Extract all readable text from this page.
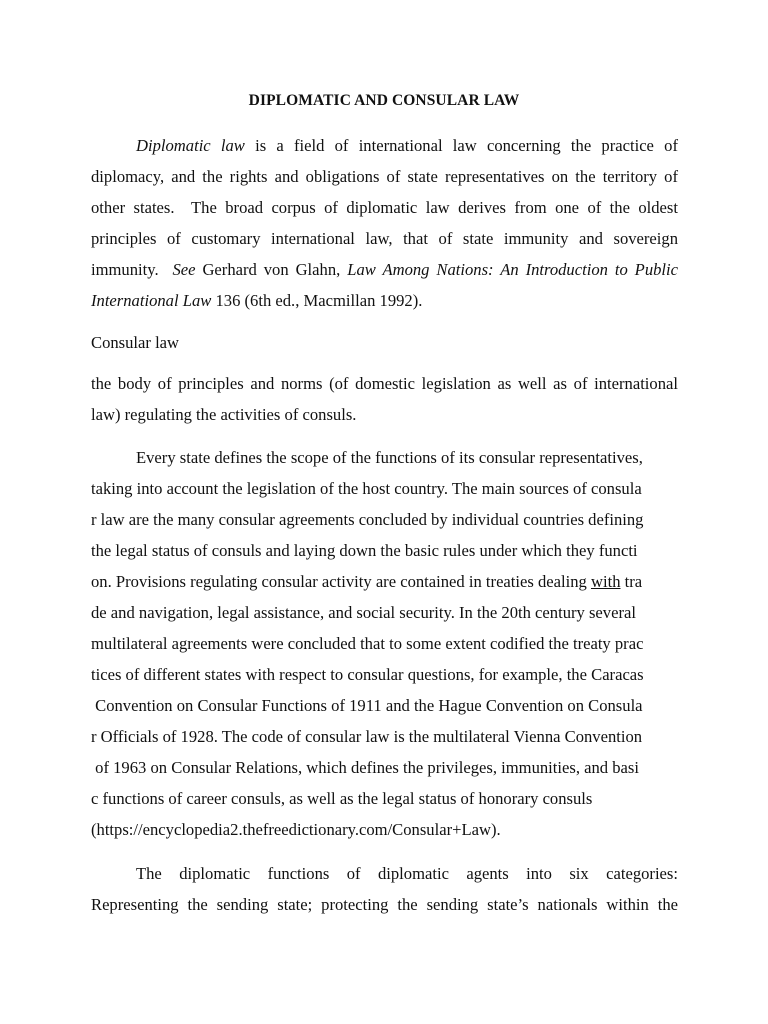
DIPLOMATIC AND CONSULAR LAW
Diplomatic law is a field of international law concerning the practice of
diplomacy, and the rights and obligations of state representatives on the territory of
other states.  The broad corpus of diplomatic law derives from one of the oldest
principles of customary international law, that of state immunity and sovereign
immunity.  See Gerhard von Glahn, Law Among Nations: An Introduction to Public
International Law 136 (6th ed., Macmillan 1992).
Consular law
the body of principles and norms (of domestic legislation as well as of international
law) regulating the activities of consuls.
Every state defines the scope of the functions of its consular representatives,
taking into account the legislation of the host country. The main sources of consula
r law are the many consular agreements concluded by individual countries defining
the legal status of consuls and laying down the basic rules under which they functi
on. Provisions regulating consular activity are contained in treaties dealing with tra
de and navigation, legal assistance, and social security. In the 20th century several
multilateral agreements were concluded that to some extent codified the treaty prac
tices of different states with respect to consular questions, for example, the Caracas
Convention on Consular Functions of 1911 and the Hague Convention on Consula
r Officials of 1928. The code of consular law is the multilateral Vienna Convention
of 1963 on Consular Relations, which defines the privileges, immunities, and basi
c functions of career consuls, as well as the legal status of honorary consuls
(https://encyclopedia2.thefreedictionary.com/Consular+Law).
The diplomatic functions of diplomatic agents into six categories:
Representing the sending state; protecting the sending state’s nationals within the
